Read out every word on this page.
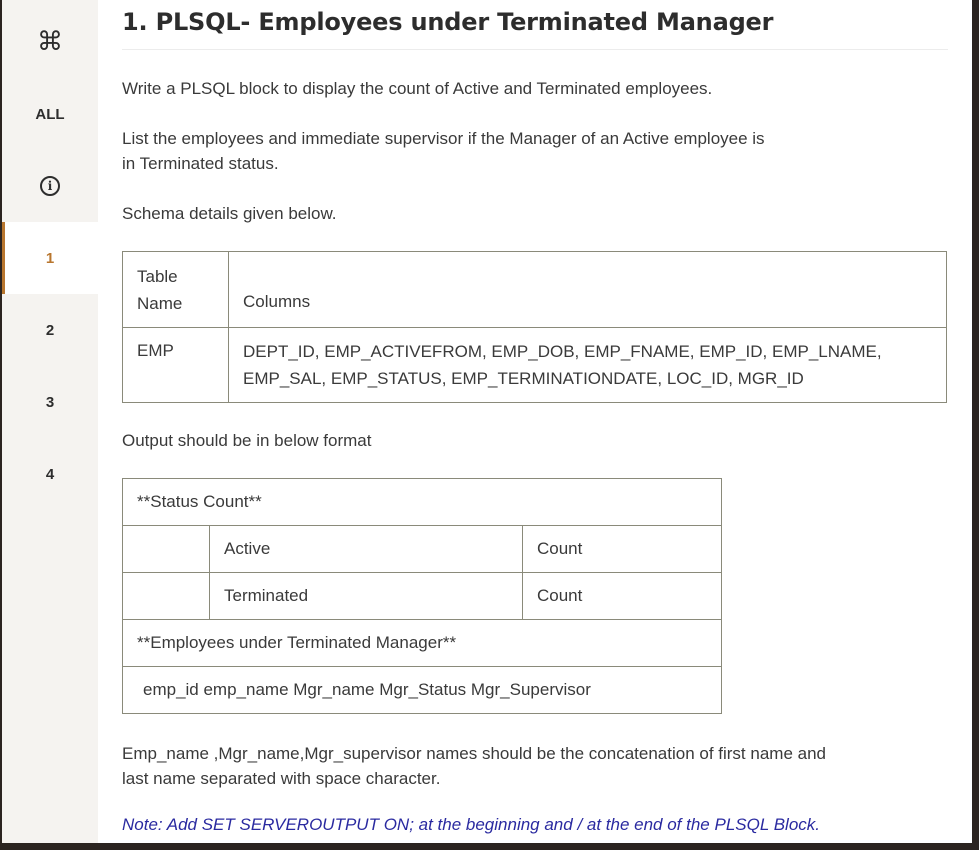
⌘
ALL
i
1
2
3
4
1. PLSQL- Employees under Terminated Manager

Write a PLSQL block to display the count of Active and Terminated employees.

List the employees and immediate supervisor if the Manager of an Active employee is

in Terminated status.

Schema details given below.

Table Name	Columns
EMP	DEPT_ID, EMP_ACTIVEFROM, EMP_DOB, EMP_FNAME, EMP_ID, EMP_LNAME, EMP_SAL, EMP_STATUS, EMP_TERMINATIONDATE, LOC_ID, MGR_ID

Output should be in below format

**Status Count**		
	Active	Count
	Terminated	Count
**Employees under Terminated Manager**		
emp_id emp_name Mgr_name Mgr_Status Mgr_Supervisor		

Emp_name ,Mgr_name,Mgr_supervisor names should be the concatenation of first name and

last name separated with space character.

Note: Add SET SERVEROUTPUT ON; at the beginning and / at the end of the PLSQL Block.
